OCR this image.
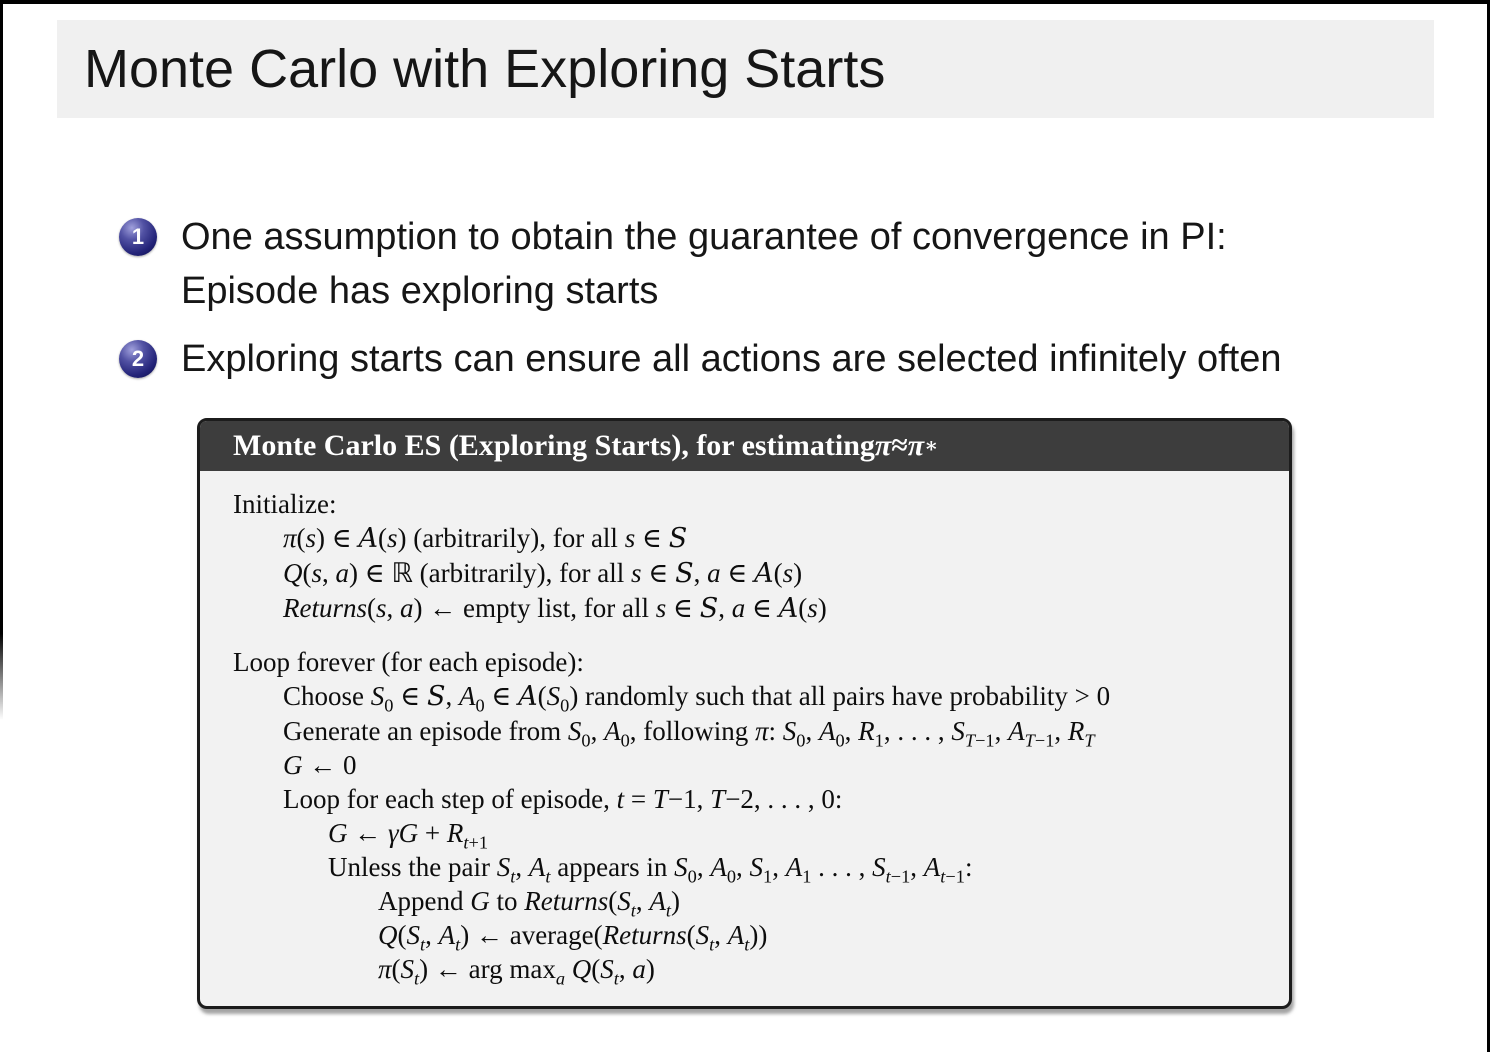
Monte Carlo with Exploring Starts
1 One assumption to obtain the guarantee of convergence in PI:
Episode has exploring starts
2 Exploring starts can ensure all actions are selected infinitely often
Monte Carlo ES (Exploring Starts), for estimating π ≈ π ∗
Initialize:
π(s) ∈ A(s) (arbitrarily), for all s ∈ S
Q(s, a) ∈ ℝ (arbitrarily), for all s ∈ S, a ∈ A(s)
Returns(s, a) ← empty list, for all s ∈ S, a ∈ A(s)
Loop forever (for each episode):
Choose $S_0$ ∈ S, $A_0$ ∈ $A(S_0)$ randomly such that all pairs have probability > 0
Generate an episode from $S_0$, $A_0$, following π: $S_0$, $A_0$, $R_1$, . . . , $S_{T-1}$, $A_{T-1}$, $R_T$
G ← 0
Loop for each step of episode, t = T−1, T−2, . . . , 0:
G ← $\gamma G + R_{t+1}$
Unless the pair $S_t$, $A_t$ appears in $S_0$, $A_0$, $S_1$, $A_1$ . . . , $S_{t-1}$, $A_{t-1}$:
Append G to $Returns(S_t$, $A_t$)
$Q(S_t$, $A_t$) ← $average(Returns(S_t$, $A_t$))
$\pi(S_t)$ ← arg $\max_a Q(S_t$, a)
